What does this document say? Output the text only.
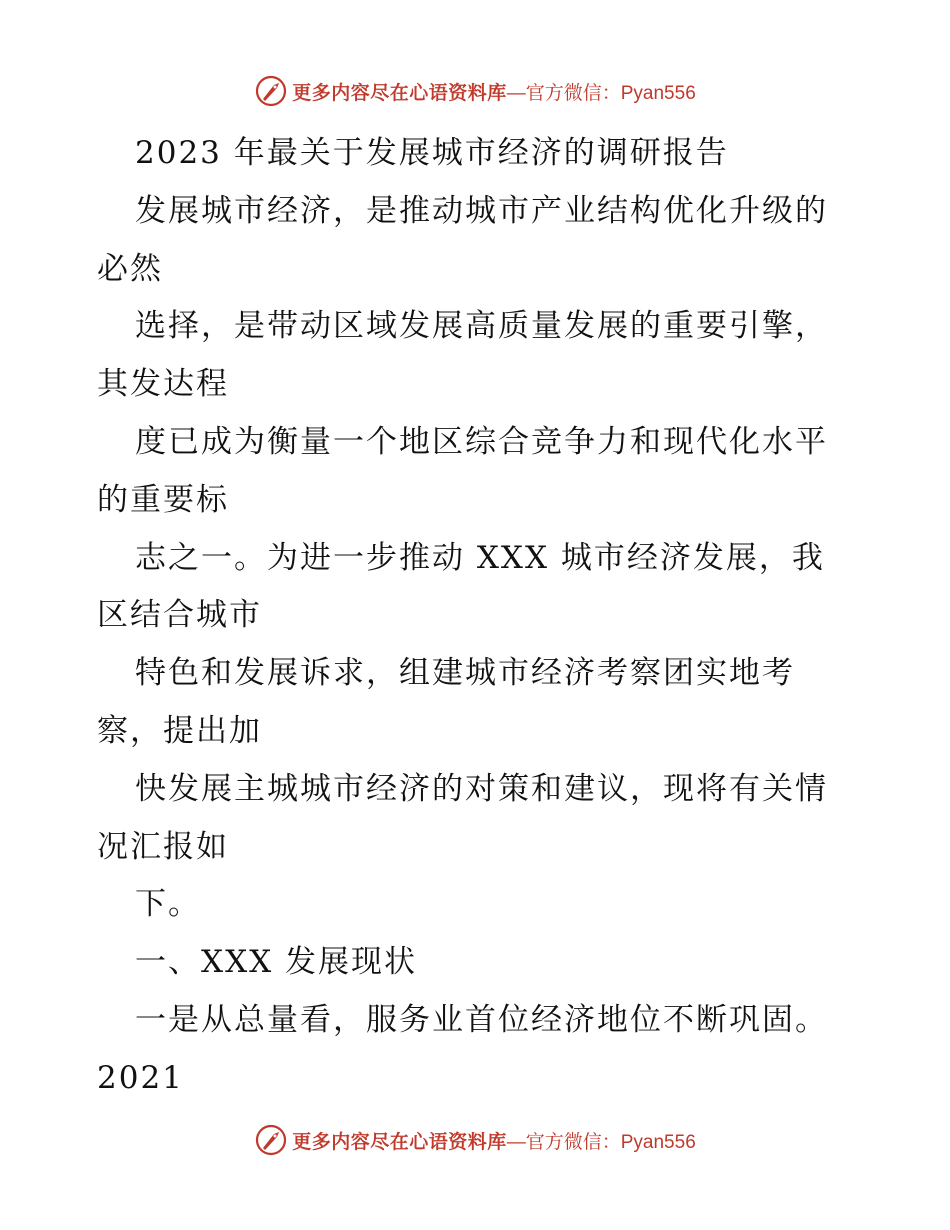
更多内容尽在心语资料库 —官方微信：Pyan556
2023 年最关于发展城市经济的调研报告
发展城市经济，是推动城市产业结构优化升级的
必然
选择，是带动区域发展高质量发展的重要引擎，
其发达程
度已成为衡量一个地区综合竞争力和现代化水平
的重要标
志之一。为进一步推动 XXX 城市经济发展，我
区结合城市
特色和发展诉求，组建城市经济考察团实地考
察，提出加
快发展主城城市经济的对策和建议，现将有关情
况汇报如
下。
一、XXX 发展现状
一是从总量看，服务业首位经济地位不断巩固。
2021
更多内容尽在心语资料库 —官方微信：Pyan556
